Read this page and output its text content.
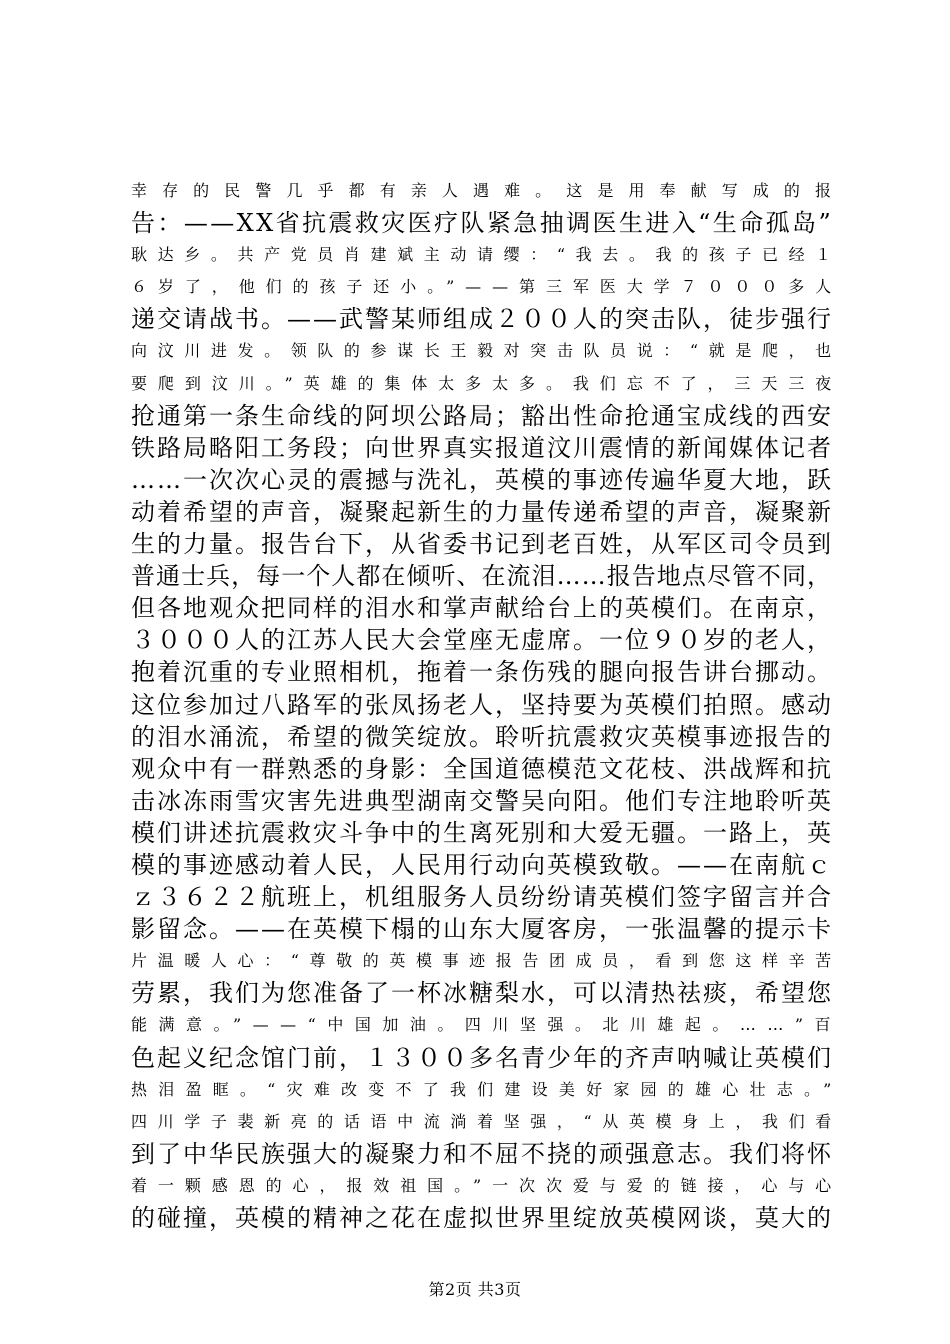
幸存的民警几乎都有亲人遇难。这是用奉献写成的报
告：——XX省抗震救灾医疗队紧急抽调医生进入“生命孤岛”
耿达乡。共产党员肖建斌主动请缨：“我去。我的孩子已经１
６岁了，他们的孩子还小。”——第三军医大学７０００多人
递交请战书。——武警某师组成２００人的突击队，徒步强行
向汶川进发。领队的参谋长王毅对突击队员说：“就是爬，也
要爬到汶川。”英雄的集体太多太多。我们忘不了，三天三夜
抢通第一条生命线的阿坝公路局；豁出性命抢通宝成线的西安
铁路局略阳工务段；向世界真实报道汶川震情的新闻媒体记者
……一次次心灵的震撼与洗礼，英模的事迹传遍华夏大地，跃
动着希望的声音，凝聚起新生的力量传递希望的声音，凝聚新
生的力量。报告台下，从省委书记到老百姓，从军区司令员到
普通士兵，每一个人都在倾听、在流泪……报告地点尽管不同，
但各地观众把同样的泪水和掌声献给台上的英模们。在南京，
３０００人的江苏人民大会堂座无虚席。一位９０岁的老人，
抱着沉重的专业照相机，拖着一条伤残的腿向报告讲台挪动。
这位参加过八路军的张凤扬老人，坚持要为英模们拍照。感动
的泪水涌流，希望的微笑绽放。聆听抗震救灾英模事迹报告的
观众中有一群熟悉的身影：全国道德模范文花枝、洪战辉和抗
击冰冻雨雪灾害先进典型湖南交警吴向阳。他们专注地聆听英
模们讲述抗震救灾斗争中的生离死别和大爱无疆。一路上，英
模的事迹感动着人民，人民用行动向英模致敬。——在南航ｃ
ｚ３６２２航班上，机组服务人员纷纷请英模们签字留言并合
影留念。——在英模下榻的山东大厦客房，一张温馨的提示卡
片温暖人心：“尊敬的英模事迹报告团成员，看到您这样辛苦
劳累，我们为您准备了一杯冰糖梨水，可以清热祛痰，希望您
能满意。”——“中国加油。四川坚强。北川雄起。……”百
色起义纪念馆门前，１３００多名青少年的齐声呐喊让英模们
热泪盈眶。“灾难改变不了我们建设美好家园的雄心壮志。”
四川学子裴新亮的话语中流淌着坚强，“从英模身上，我们看
到了中华民族强大的凝聚力和不屈不挠的顽强意志。我们将怀
着一颗感恩的心，报效祖国。”一次次爱与爱的链接，心与心
的碰撞，英模的精神之花在虚拟世界里绽放英模网谈，莫大的
第2页 共3页
